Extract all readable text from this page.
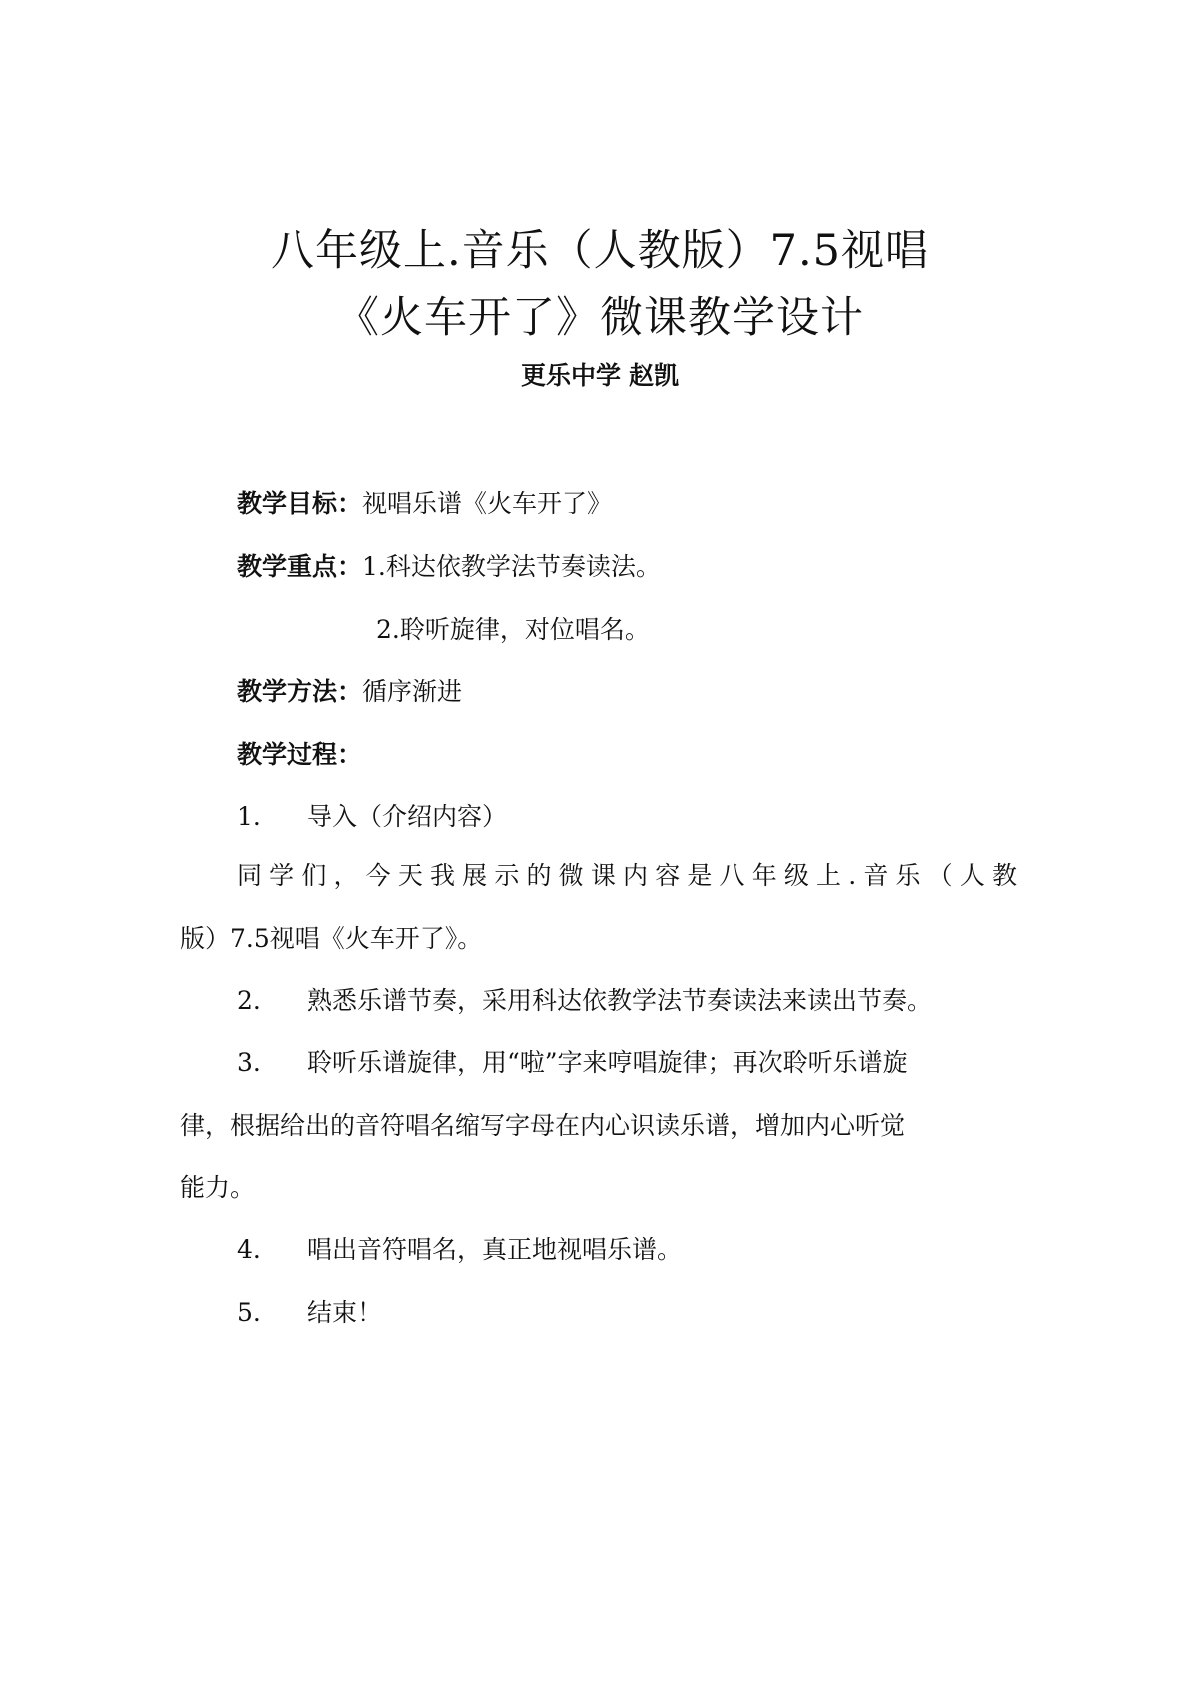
八年级上.音乐（人教版）7.5视唱
《火车开了》微课教学设计
更乐中学 赵凯
教学目标：视唱乐谱《火车开了》
教学重点：1.科达依教学法节奏读法。
2.聆听旋律，对位唱名。
教学方法：循序渐进
教学过程：
1. 导入（介绍内容）
同学们，今天我展示的微课内容是八年级上.音乐（人教
版）7.5视唱《火车开了》。
2. 熟悉乐谱节奏，采用科达依教学法节奏读法来读出节奏。
3. 聆听乐谱旋律，用“啦”字来哼唱旋律；再次聆听乐谱旋
律，根据给出的音符唱名缩写字母在内心识读乐谱，增加内心听觉
能力。
4. 唱出音符唱名，真正地视唱乐谱。
5. 结束！
